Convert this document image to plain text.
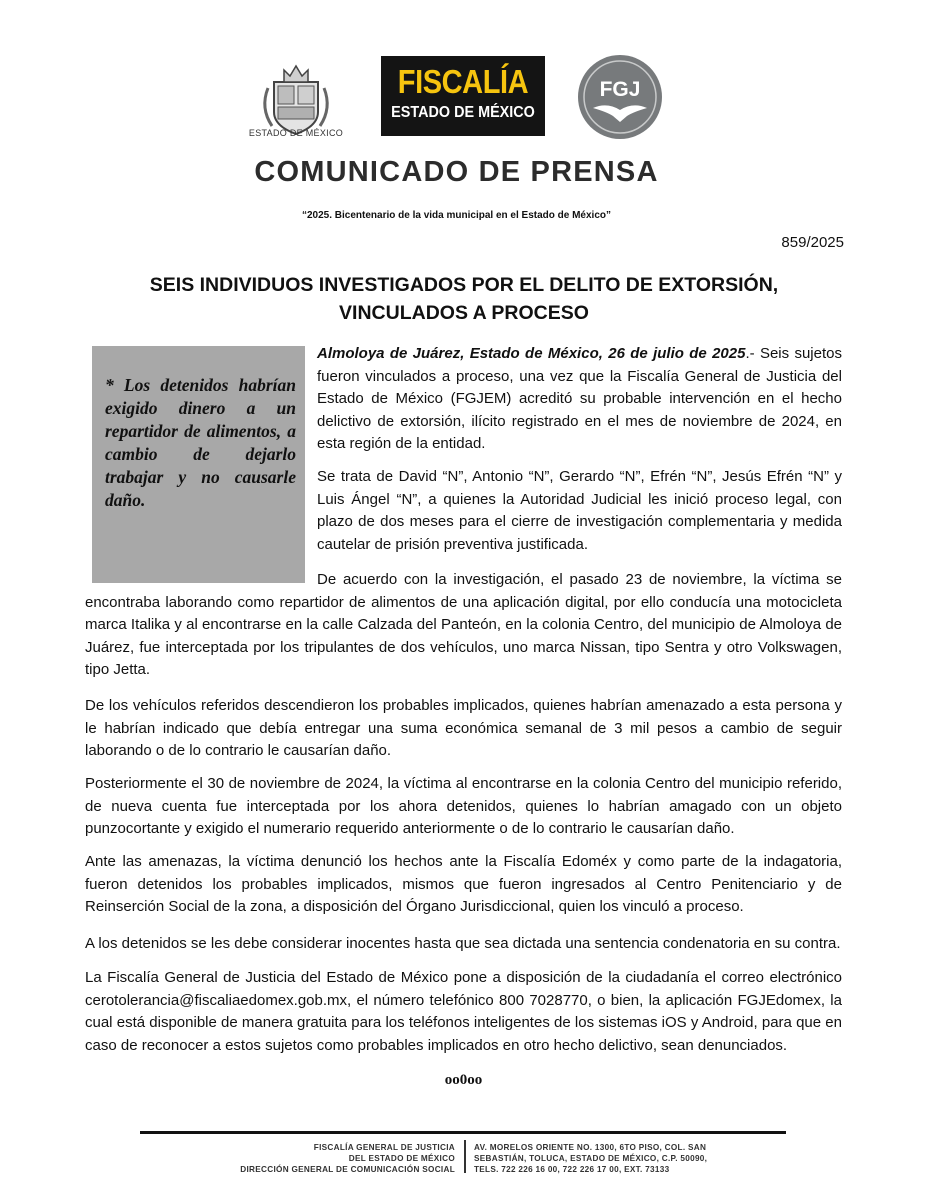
ESTADO DE MÉXICO
FISCALÍA
ESTADO DE MÉXICO
FGJ
COMUNICADO DE PRENSA
“2025. Bicentenario de la vida municipal en el Estado de México”
859/2025
SEIS INDIVIDUOS INVESTIGADOS POR EL DELITO DE EXTORSIÓN,
VINCULADOS A PROCESO

* Los detenidos habrían exigido dinero a un repartidor de alimentos, a cambio de dejarlo trabajar y no causarle daño.

Almoloya de Juárez, Estado de México, 26 de julio de 2025.- Seis sujetos fueron vinculados a proceso, una vez que la Fiscalía General de Justicia del Estado de México (FGJEM) acreditó su probable intervención en el hecho delictivo de extorsión, ilícito registrado en el mes de noviembre de 2024, en esta región de la entidad.

Se trata de David “N”, Antonio “N”, Gerardo “N”, Efrén “N”, Jesús Efrén “N” y Luis Ángel “N”, a quienes la Autoridad Judicial les inició proceso legal, con plazo de dos meses para el cierre de investigación complementaria y medida cautelar de prisión preventiva justificada.

De acuerdo con la investigación, el pasado 23 de noviembre, la víctima se encontraba laborando como repartidor de alimentos de una aplicación digital, por ello conducía una motocicleta marca Italika y al encontrarse en la calle Calzada del Panteón, en la colonia Centro, del municipio de Almoloya de Juárez, fue interceptada por los tripulantes de dos vehículos, uno marca Nissan, tipo Sentra y otro Volkswagen, tipo Jetta.

De los vehículos referidos descendieron los probables implicados, quienes habrían amenazado a esta persona y le habrían indicado que debía entregar una suma económica semanal de 3 mil pesos a cambio de seguir laborando o de lo contrario le causarían daño.

Posteriormente el 30 de noviembre de 2024, la víctima al encontrarse en la colonia Centro del municipio referido, de nueva cuenta fue interceptada por los ahora detenidos, quienes lo habrían amagado con un objeto punzocortante y exigido el numerario requerido anteriormente o de lo contrario le causarían daño.

Ante las amenazas, la víctima denunció los hechos ante la Fiscalía Edoméx y como parte de la indagatoria, fueron detenidos los probables implicados, mismos que fueron ingresados al Centro Penitenciario y de Reinserción Social de la zona, a disposición del Órgano Jurisdiccional, quien los vinculó a proceso.

A los detenidos se les debe considerar inocentes hasta que sea dictada una sentencia condenatoria en su contra.

La Fiscalía General de Justicia del Estado de México pone a disposición de la ciudadanía el correo electrónico cerotolerancia@fiscaliaedomex.gob.mx, el número telefónico 800 7028770, o bien, la aplicación FGJEdomex, la cual está disponible de manera gratuita para los teléfonos inteligentes de los sistemas iOS y Android, para que en caso de reconocer a estos sujetos como probables implicados en otro hecho delictivo, sean denunciados.

oo0oo
FISCALÍA GENERAL DE JUSTICIA
DEL ESTADO DE MÉXICO
DIRECCIÓN GENERAL DE COMUNICACIÓN SOCIAL
AV. MORELOS ORIENTE NO. 1300, 6TO PISO, COL. SAN
SEBASTIÁN, TOLUCA, ESTADO DE MÉXICO, C.P. 50090,
TELS. 722 226 16 00, 722 226 17 00, EXT. 73133
